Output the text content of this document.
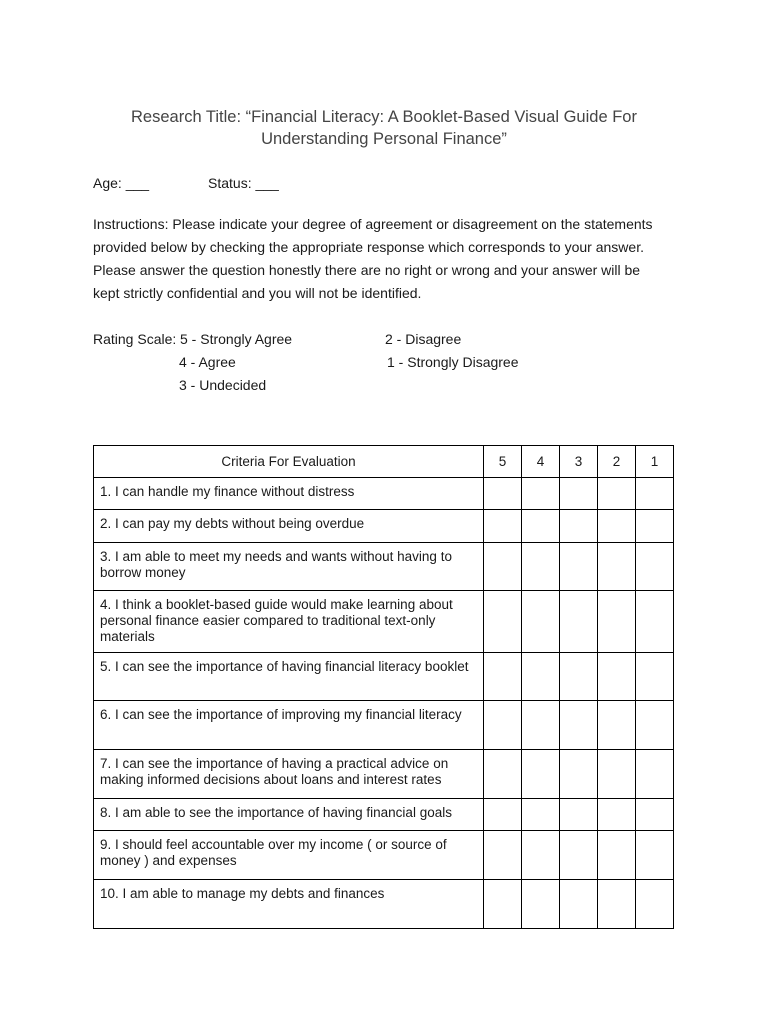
Research Title: “Financial Literacy: A Booklet-Based Visual Guide For
Understanding Personal Finance”
Age: ___	Status: ___
Instructions: Please indicate your degree of agreement or disagreement on the statements
provided below by checking the appropriate response which corresponds to your answer.
Please answer the question honestly there are no right or wrong and your answer will be
kept strictly confidential and you will not be identified.
Rating Scale: 5 - Strongly Agree
4 - Agree
3 - Undecided
2 - Disagree
1 - Strongly Disagree
Criteria For Evaluation	5	4	3	2	1
1. I can handle my finance without distress					
2. I can pay my debts without being overdue					
3. I am able to meet my needs and wants without having to borrow money					
4. I think a booklet-based guide would make learning about personal finance easier compared to traditional text-only materials					
5. I can see the importance of having financial literacy booklet					
6. I can see the importance of improving my financial literacy					
7. I can see the importance of having a practical advice on making informed decisions about loans and interest rates					
8. I am able to see the importance of having financial goals					
9. I should feel accountable over my income ( or source of money ) and expenses					
10. I am able to manage my debts and finances					
